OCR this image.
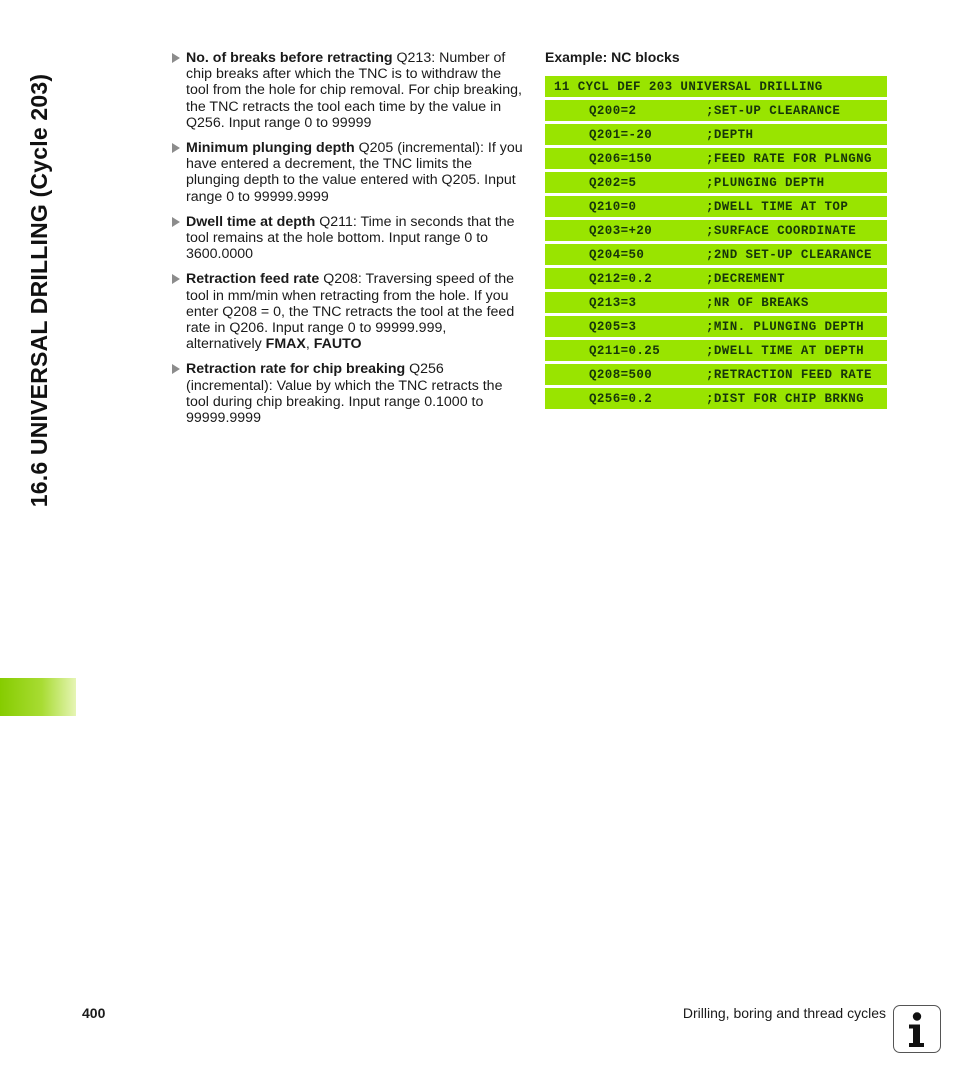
16.6 UNIVERSAL DRILLING (Cycle 203)
No. of breaks before retracting Q213: Number of chip breaks after which the TNC is to withdraw the tool from the hole for chip removal. For chip breaking, the TNC retracts the tool each time by the value in Q256. Input range 0 to 99999
Minimum plunging depth Q205 (incremental): If you have entered a decrement, the TNC limits the plunging depth to the value entered with Q205. Input range 0 to 99999.9999
Dwell time at depth Q211: Time in seconds that the tool remains at the hole bottom. Input range 0 to 3600.0000
Retraction feed rate Q208: Traversing speed of the tool in mm/min when retracting from the hole. If you enter Q208 = 0, the TNC retracts the tool at the feed rate in Q206. Input range 0 to 99999.999, alternatively FMAX, FAUTO
Retraction rate for chip breaking Q256 (incremental): Value by which the TNC retracts the tool during chip breaking. Input range 0.1000 to 99999.9999
Example: NC blocks
11 CYCL DEF 203 UNIVERSAL DRILLING
Q200=2	;SET-UP CLEARANCE
Q201=-20	;DEPTH
Q206=150	;FEED RATE FOR PLNGNG
Q202=5	;PLUNGING DEPTH
Q210=0	;DWELL TIME AT TOP
Q203=+20	;SURFACE COORDINATE
Q204=50	;2ND SET-UP CLEARANCE
Q212=0.2	;DECREMENT
Q213=3	;NR OF BREAKS
Q205=3	;MIN. PLUNGING DEPTH
Q211=0.25	;DWELL TIME AT DEPTH
Q208=500	;RETRACTION FEED RATE
Q256=0.2	;DIST FOR CHIP BRKNG
400	Drilling, boring and thread cycles
